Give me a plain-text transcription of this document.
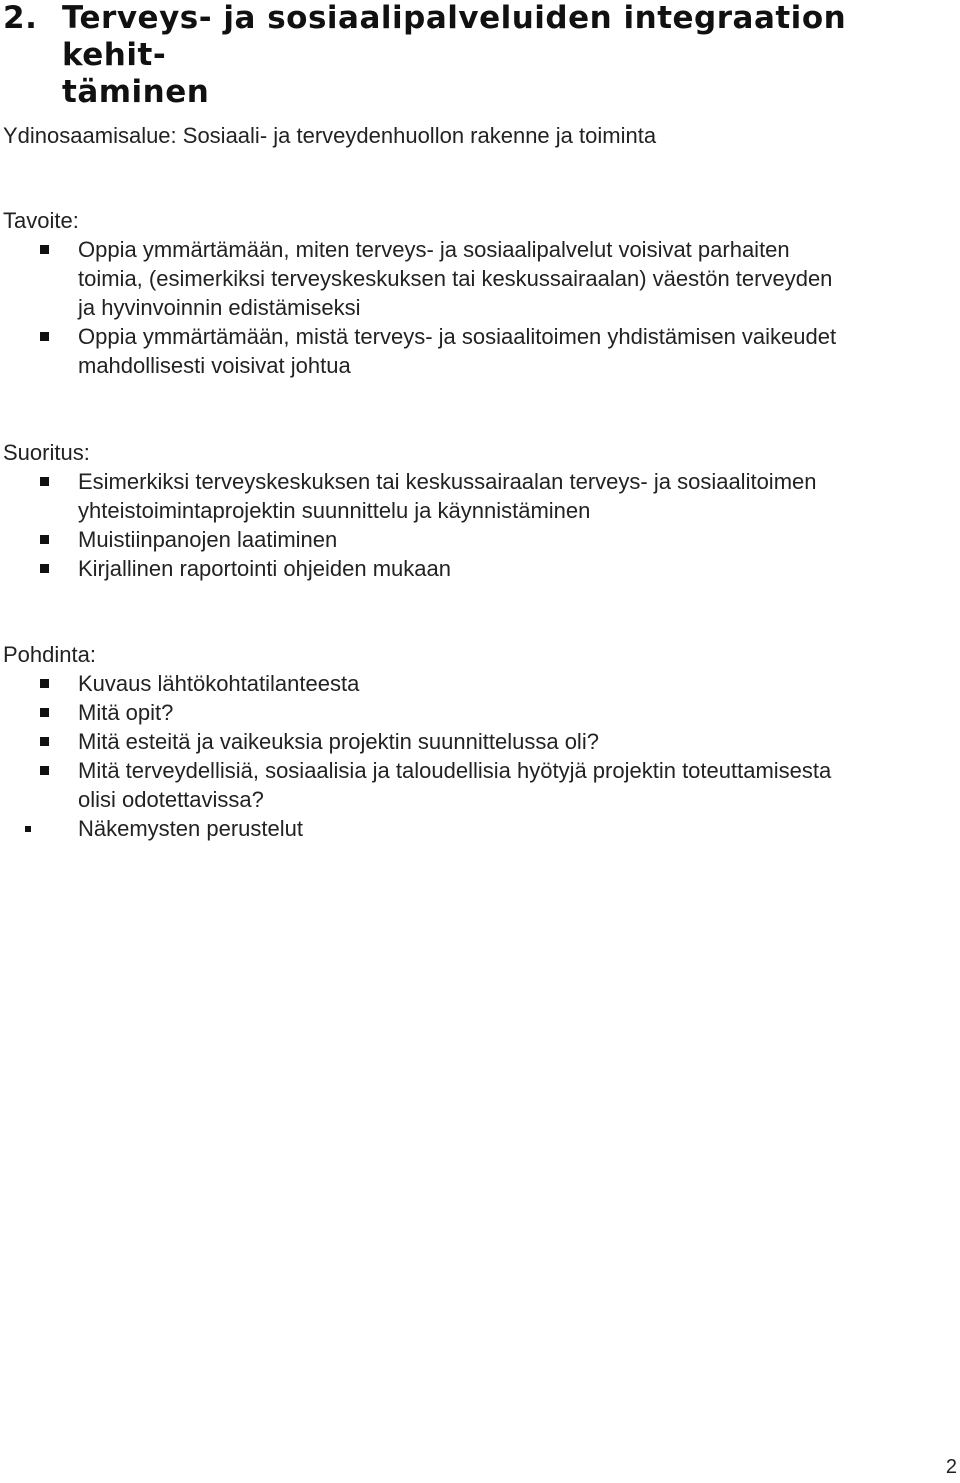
2. Terveys- ja sosiaalipalveluiden integraation kehit-
täminen
Ydinosaamisalue: Sosiaali- ja terveydenhuollon rakenne ja toiminta
Tavoite:
Oppia ymmärtämään, miten terveys- ja sosiaalipalvelut voisivat parhaiten
toimia, (esimerkiksi terveyskeskuksen tai keskussairaalan) väestön terveyden
ja hyvinvoinnin edistämiseksi
Oppia ymmärtämään, mistä terveys- ja sosiaalitoimen yhdistämisen vaikeudet
mahdollisesti voisivat johtua
Suoritus:
Esimerkiksi terveyskeskuksen tai keskussairaalan terveys- ja sosiaalitoimen
yhteistoimintaprojektin suunnittelu ja käynnistäminen
Muistiinpanojen laatiminen
Kirjallinen raportointi ohjeiden mukaan
Pohdinta:
Kuvaus lähtökohtatilanteesta
Mitä opit?
Mitä esteitä ja vaikeuksia projektin suunnittelussa oli?
Mitä terveydellisiä, sosiaalisia ja taloudellisia hyötyjä projektin toteuttamisesta
olisi odotettavissa?
Näkemysten perustelut
2
